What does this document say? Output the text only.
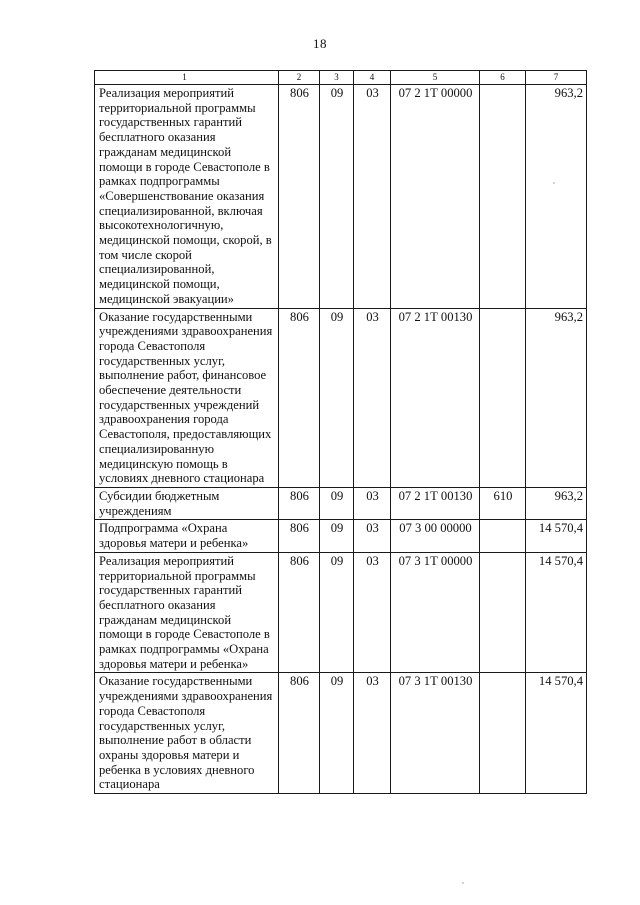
18
1	2	3	4	5	6	7
Реализация мероприятий территориальной программы государственных гарантий бесплатного оказания гражданам медицинской помощи в городе Севастополе в рамках подпрограммы «Совершенствование оказания специализированной, включая высокотехнологичную, медицинской помощи, скорой, в том числе скорой специализированной, медицинской помощи, медицинской эвакуации»	806	09	03	07 2 1Т 00000		963,2
Оказание государственными учреждениями здравоохранения города Севастополя государственных услуг, выполнение работ, финансовое обеспечение деятельности государственных учреждений здравоохранения города Севастополя, предоставляющих специализированную медицинскую помощь в условиях дневного стационара	806	09	03	07 2 1Т 00130		963,2
Субсидии бюджетным учреждениям	806	09	03	07 2 1Т 00130	610	963,2
Подпрограмма «Охрана здоровья матери и ребенка»	806	09	03	07 3 00 00000		14 570,4
Реализация мероприятий территориальной программы государственных гарантий бесплатного оказания гражданам медицинской помощи в городе Севастополе в рамках подпрограммы «Охрана здоровья матери и ребенка»	806	09	03	07 3 1Т 00000		14 570,4
Оказание государственными учреждениями здравоохранения города Севастополя государственных услуг, выполнение работ в области охраны здоровья матери и ребенка в условиях дневного стационара	806	09	03	07 3 1Т 00130		14 570,4
